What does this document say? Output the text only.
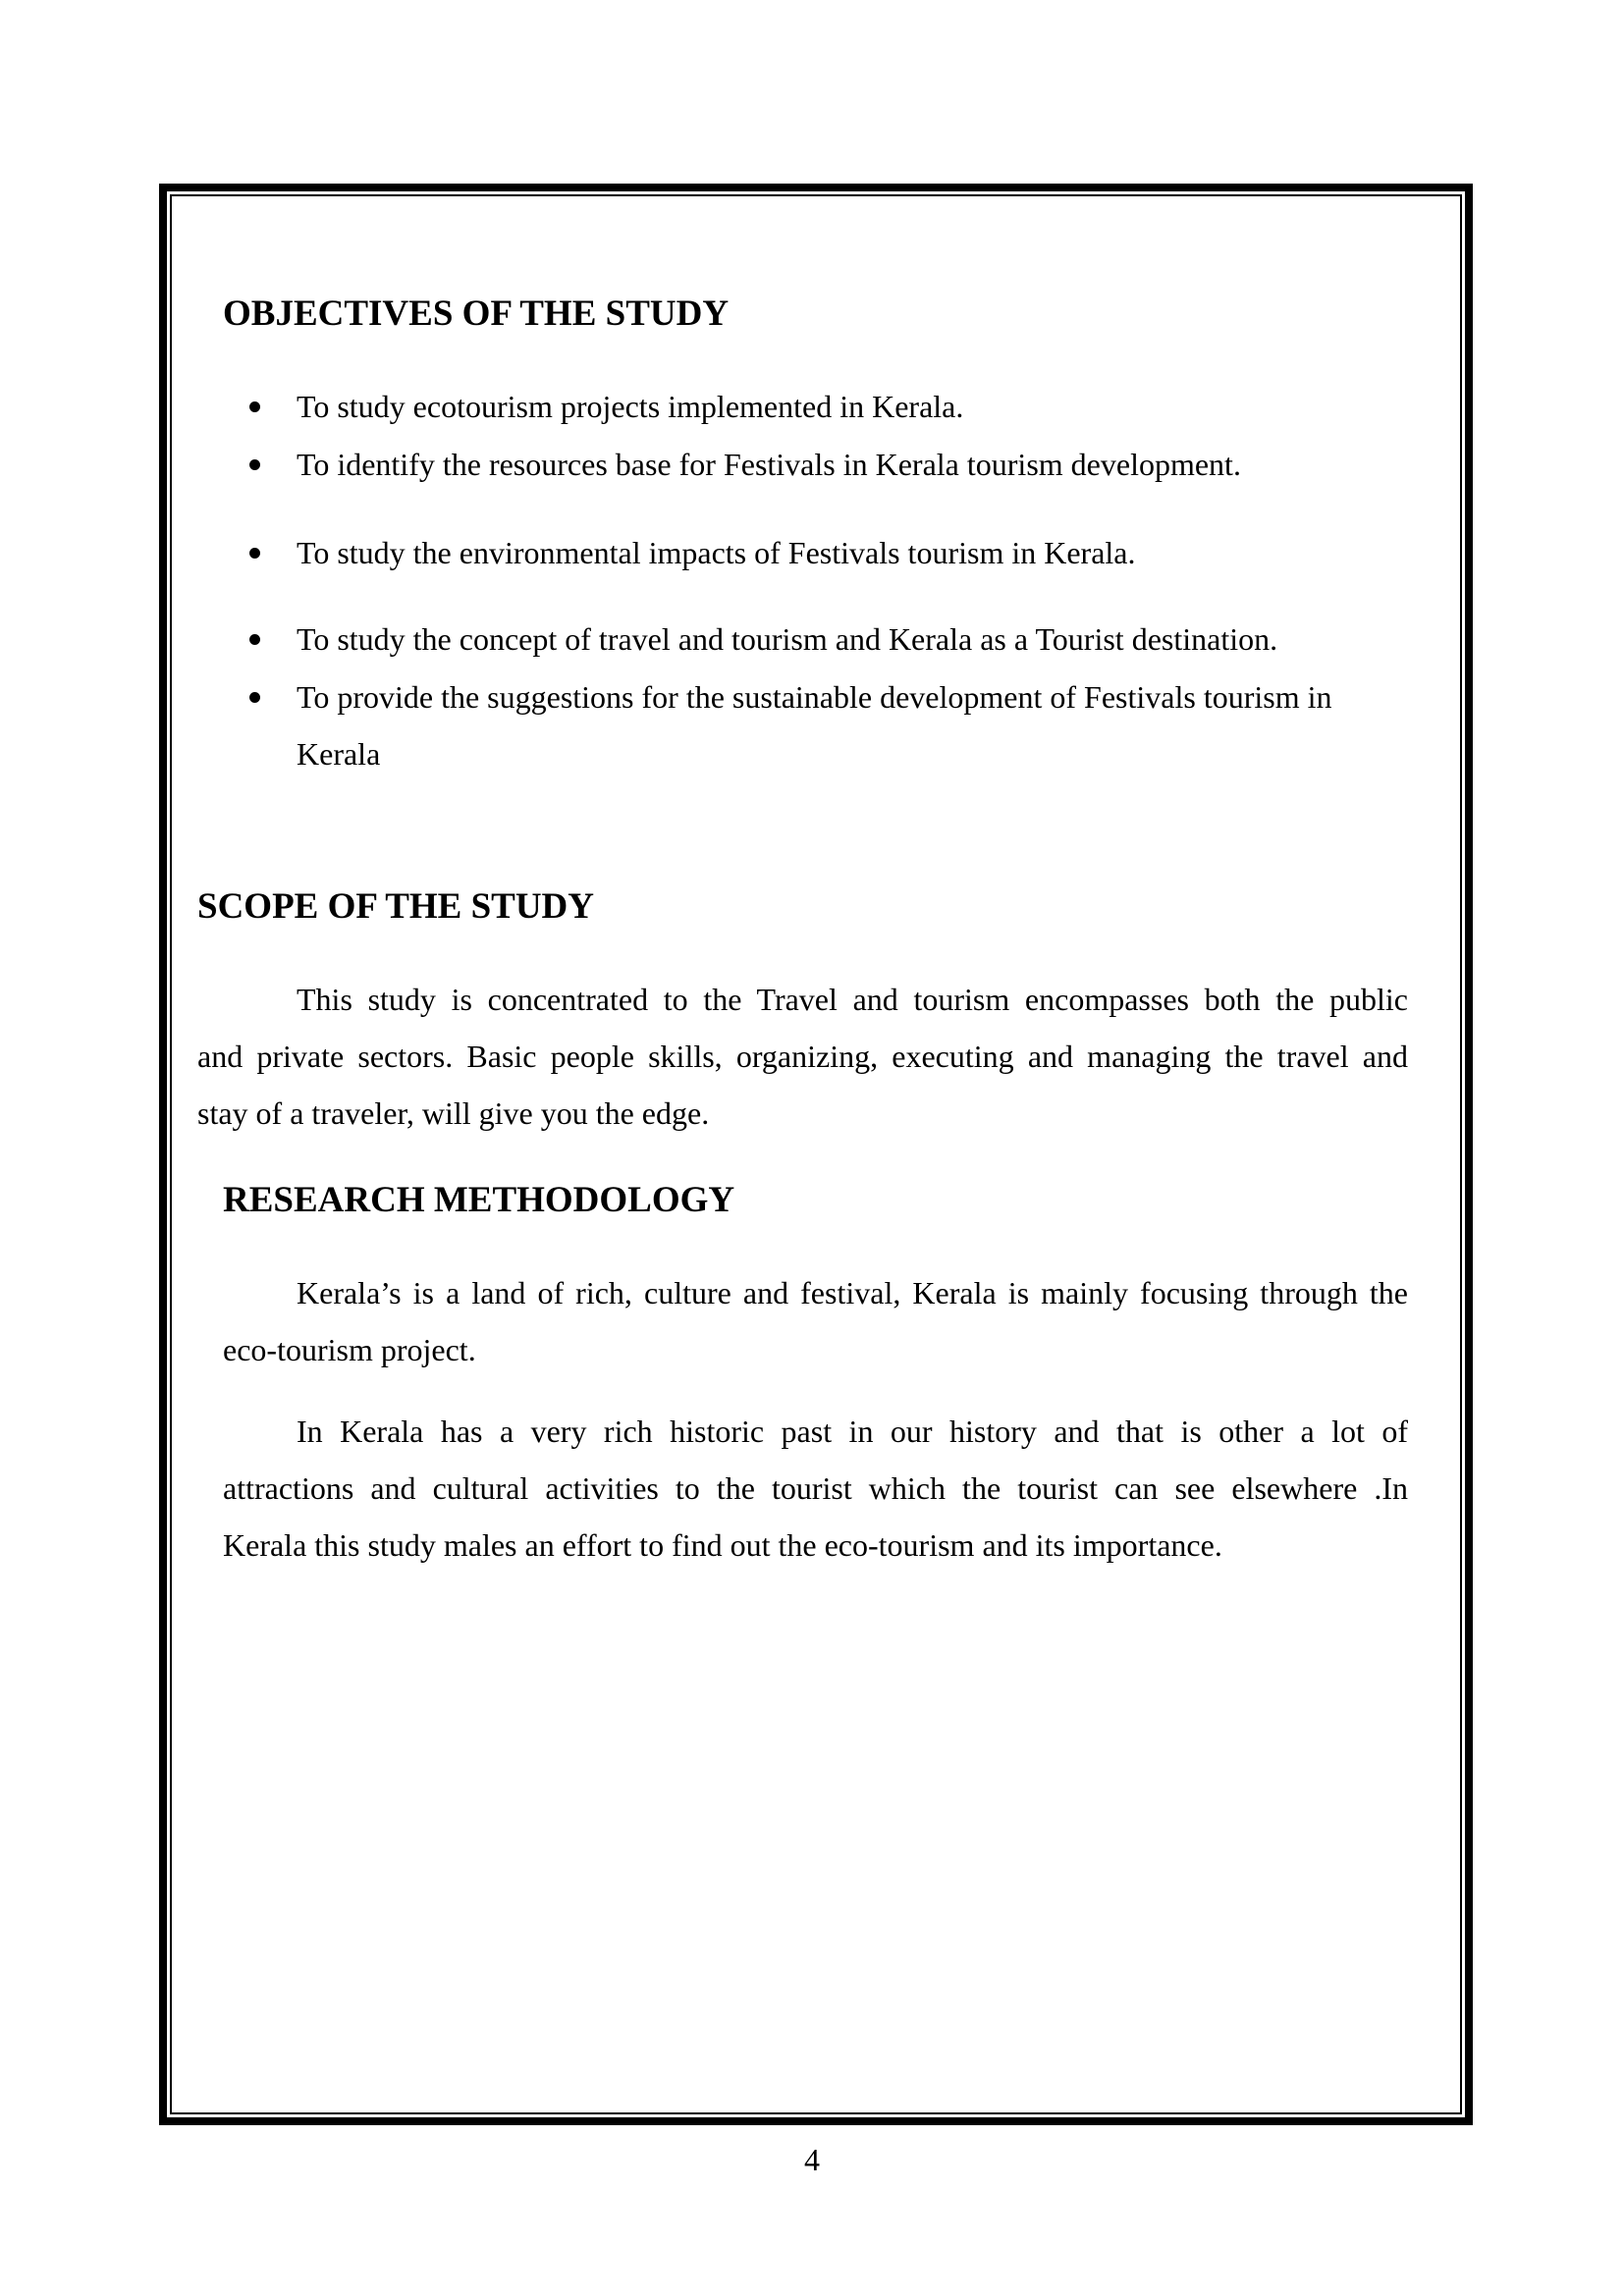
OBJECTIVES OF THE STUDY
To study ecotourism projects implemented in Kerala.
To identify the resources base for Festivals in Kerala tourism development.
To study the environmental impacts of Festivals tourism in Kerala.
To study the concept of travel and tourism and Kerala as a Tourist destination.
To provide the suggestions for the sustainable development of Festivals tourism in
Kerala
SCOPE OF THE STUDY

This study is concentrated to the Travel and tourism encompasses both the public

and private sectors. Basic people skills, organizing, executing and managing the travel and

stay of a traveler, will give you the edge.

RESEARCH METHODOLOGY

Kerala’s is a land of rich, culture and festival, Kerala is mainly focusing through the

eco-tourism project.

In Kerala has a very rich historic past in our history and that is other a lot of

attractions and cultural activities to the tourist which the tourist can see elsewhere .In

Kerala this study males an effort to find out the eco-tourism and its importance.

4
